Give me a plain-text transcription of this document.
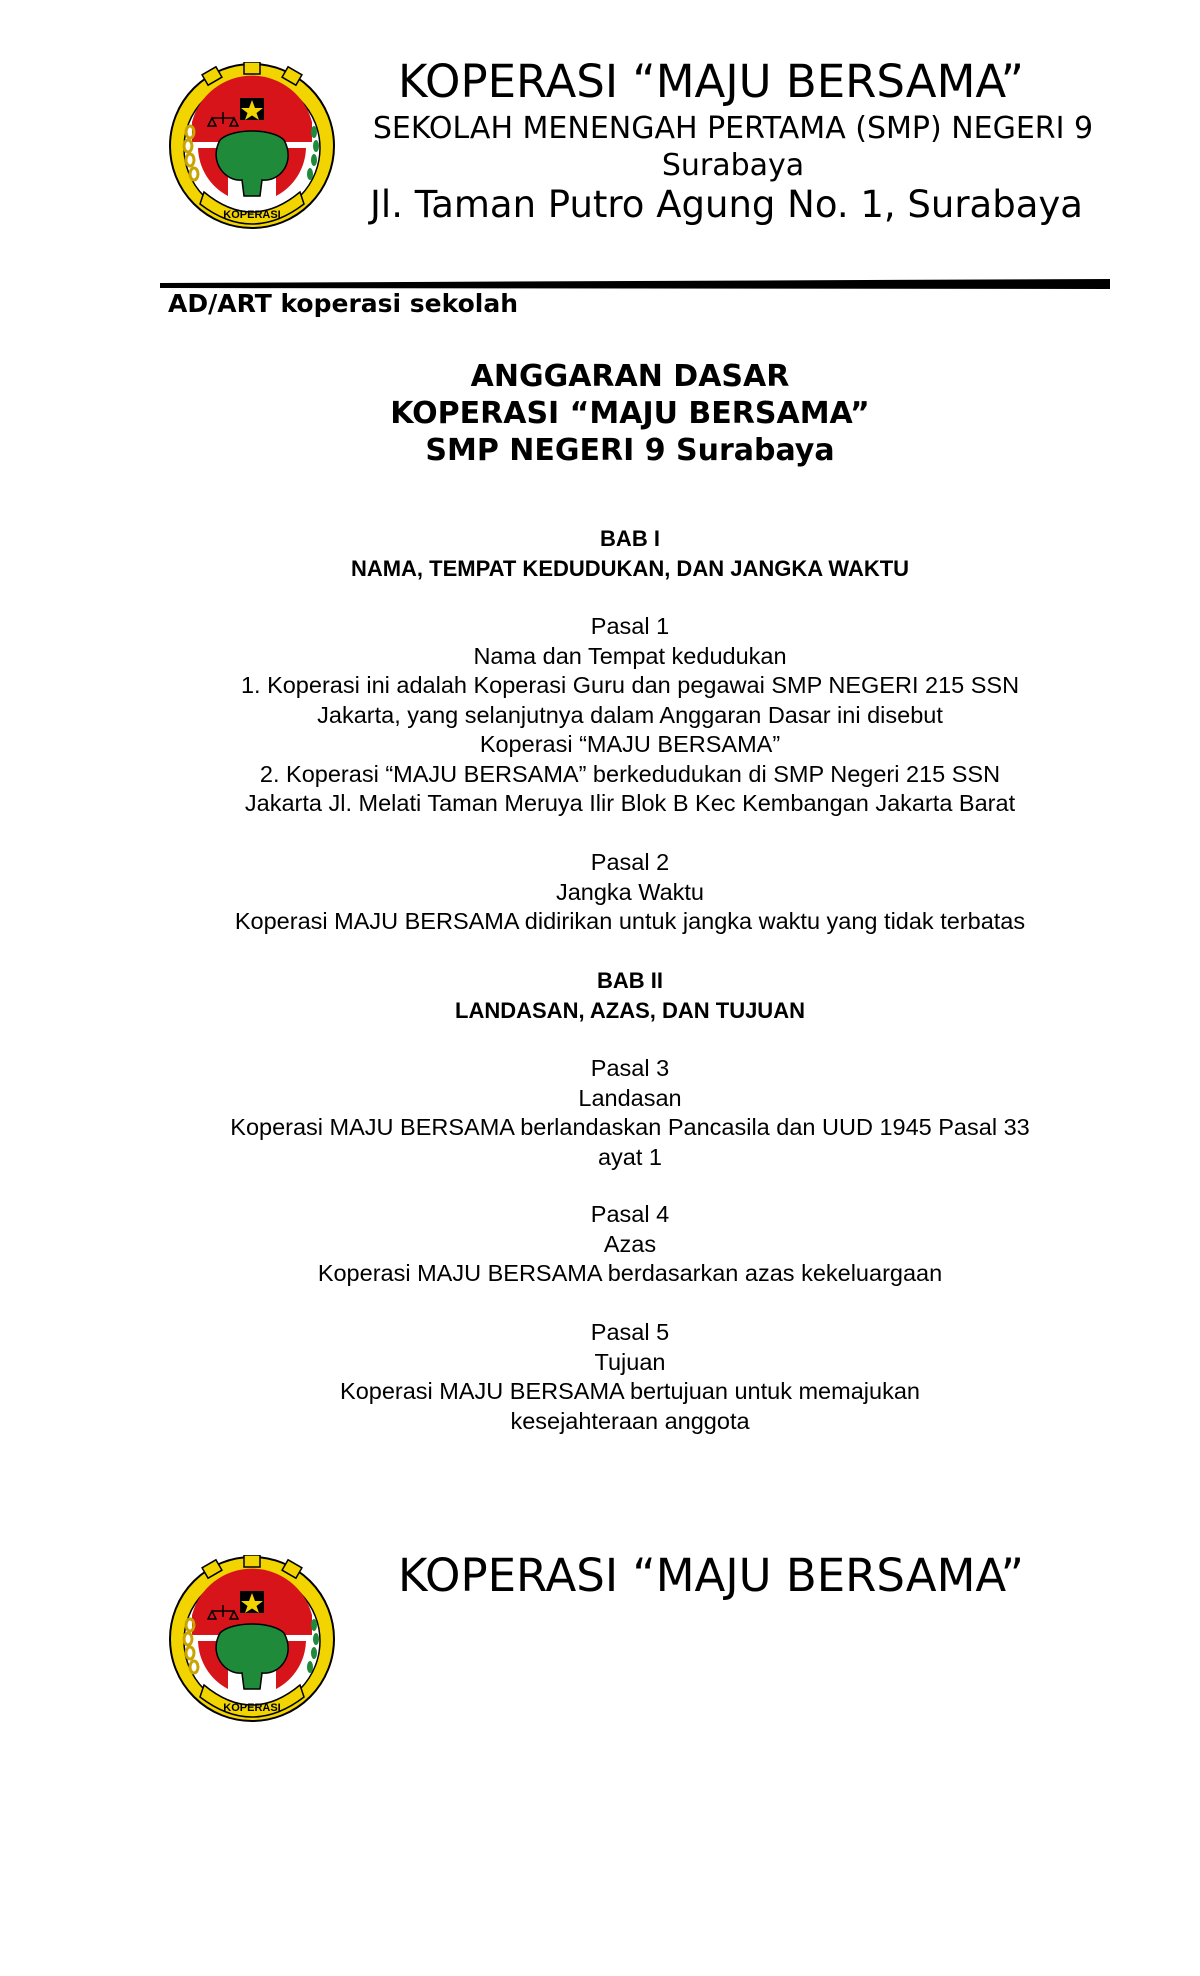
KOPERASI
KOPERASI “MAJU BERSAMA”
SEKOLAH MENENGAH PERTAMA (SMP) NEGERI 9
Surabaya
Jl. Taman Putro Agung No. 1, Surabaya
AD/ART koperasi sekolah
ANGGARAN DASAR
KOPERASI “MAJU BERSAMA”
SMP NEGERI 9 Surabaya
BAB I
NAMA, TEMPAT KEDUDUKAN, DAN JANGKA WAKTU
Pasal 1
Nama dan Tempat kedudukan
1. Koperasi ini adalah Koperasi Guru dan pegawai SMP NEGERI 215 SSN
Jakarta, yang selanjutnya dalam Anggaran Dasar ini disebut
Koperasi “MAJU BERSAMA”
2. Koperasi “MAJU BERSAMA” berkedudukan di SMP Negeri 215 SSN
Jakarta Jl. Melati Taman Meruya Ilir Blok B Kec Kembangan Jakarta Barat
Pasal 2
Jangka Waktu
Koperasi MAJU BERSAMA didirikan untuk jangka waktu yang tidak terbatas
BAB II
LANDASAN, AZAS, DAN TUJUAN
Pasal 3
Landasan
Koperasi MAJU BERSAMA berlandaskan Pancasila dan UUD 1945 Pasal 33
ayat 1
Pasal 4
Azas
Koperasi MAJU BERSAMA berdasarkan azas kekeluargaan
Pasal 5
Tujuan
Koperasi MAJU BERSAMA bertujuan untuk memajukan
kesejahteraan anggota
KOPERASI
KOPERASI “MAJU BERSAMA”
